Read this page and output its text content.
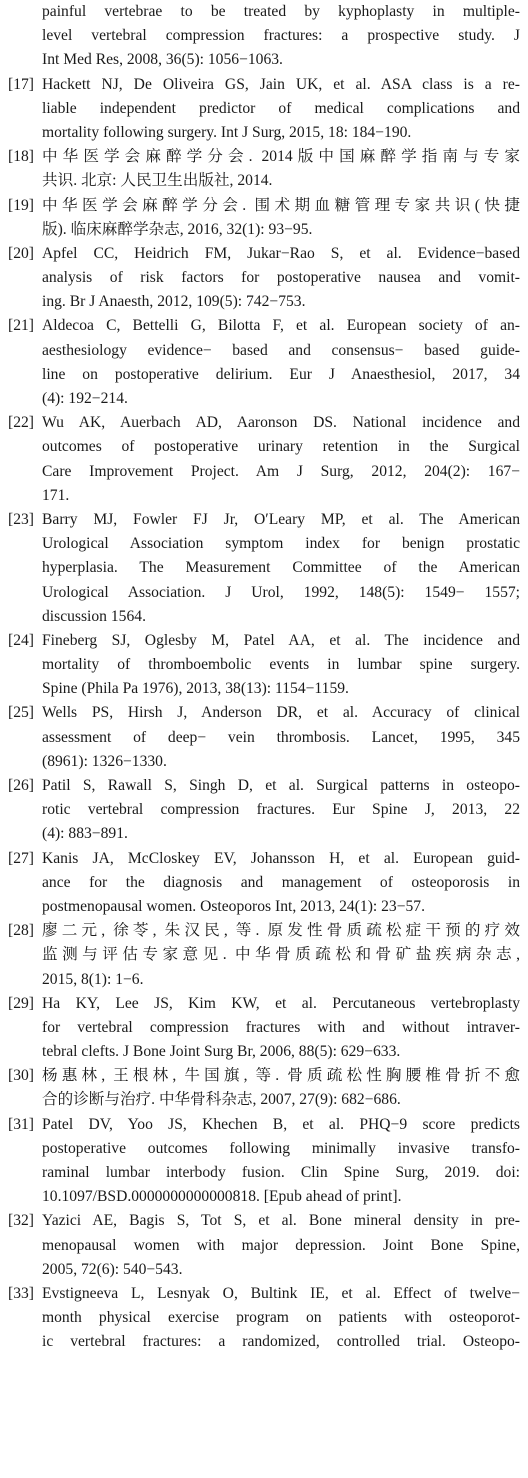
painful vertebrae to be treated by kyphoplasty in multiple-
level vertebral compression fractures: a prospective study. J
Int Med Res, 2008, 36(5): 1056−1063.
[17] Hackett NJ, De Oliveira GS, Jain UK, et al. ASA class is a re-
liable independent predictor of medical complications and
mortality following surgery. Int J Surg, 2015, 18: 184−190.
[18] 中华医学会麻醉学分会. 2014版中国麻醉学指南与专家
共识. 北京: 人民卫生出版社, 2014.
[19] 中华医学会麻醉学分会. 围术期血糖管理专家共识(快捷
版). 临床麻醉学杂志, 2016, 32(1): 93−95.
[20] Apfel CC, Heidrich FM, Jukar−Rao S, et al. Evidence−based
analysis of risk factors for postoperative nausea and vomit-
ing. Br J Anaesth, 2012, 109(5): 742−753.
[21] Aldecoa C, Bettelli G, Bilotta F, et al. European society of an-
aesthesiology evidence− based and consensus− based guide-
line on postoperative delirium. Eur J Anaesthesiol, 2017, 34
(4): 192−214.
[22] Wu AK, Auerbach AD, Aaronson DS. National incidence and
outcomes of postoperative urinary retention in the Surgical
Care Improvement Project. Am J Surg, 2012, 204(2): 167−
171.
[23] Barry MJ, Fowler FJ Jr, O′Leary MP, et al. The American
Urological Association symptom index for benign prostatic
hyperplasia. The Measurement Committee of the American
Urological Association. J Urol, 1992, 148(5): 1549− 1557;
discussion 1564.
[24] Fineberg SJ, Oglesby M, Patel AA, et al. The incidence and
mortality of thromboembolic events in lumbar spine surgery.
Spine (Phila Pa 1976), 2013, 38(13): 1154−1159.
[25] Wells PS, Hirsh J, Anderson DR, et al. Accuracy of clinical
assessment of deep− vein thrombosis. Lancet, 1995, 345
(8961): 1326−1330.
[26] Patil S, Rawall S, Singh D, et al. Surgical patterns in osteopo-
rotic vertebral compression fractures. Eur Spine J, 2013, 22
(4): 883−891.
[27] Kanis JA, McCloskey EV, Johansson H, et al. European guid-
ance for the diagnosis and management of osteoporosis in
postmenopausal women. Osteoporos Int, 2013, 24(1): 23−57.
[28] 廖二元, 徐苓, 朱汉民, 等. 原发性骨质疏松症干预的疗效
监测与评估专家意见. 中华骨质疏松和骨矿盐疾病杂志,
2015, 8(1): 1−6.
[29] Ha KY, Lee JS, Kim KW, et al. Percutaneous vertebroplasty
for vertebral compression fractures with and without intraver-
tebral clefts. J Bone Joint Surg Br, 2006, 88(5): 629−633.
[30] 杨惠林, 王根林, 牛国旗, 等. 骨质疏松性胸腰椎骨折不愈
合的诊断与治疗. 中华骨科杂志, 2007, 27(9): 682−686.
[31] Patel DV, Yoo JS, Khechen B, et al. PHQ−9 score predicts
postoperative outcomes following minimally invasive transfo-
raminal lumbar interbody fusion. Clin Spine Surg, 2019. doi:
10.1097/BSD.0000000000000818. [Epub ahead of print].
[32] Yazici AE, Bagis S, Tot S, et al. Bone mineral density in pre-
menopausal women with major depression. Joint Bone Spine,
2005, 72(6): 540−543.
[33] Evstigneeva L, Lesnyak O, Bultink IE, et al. Effect of twelve−
month physical exercise program on patients with osteoporot-
ic vertebral fractures: a randomized, controlled trial. Osteopo-
